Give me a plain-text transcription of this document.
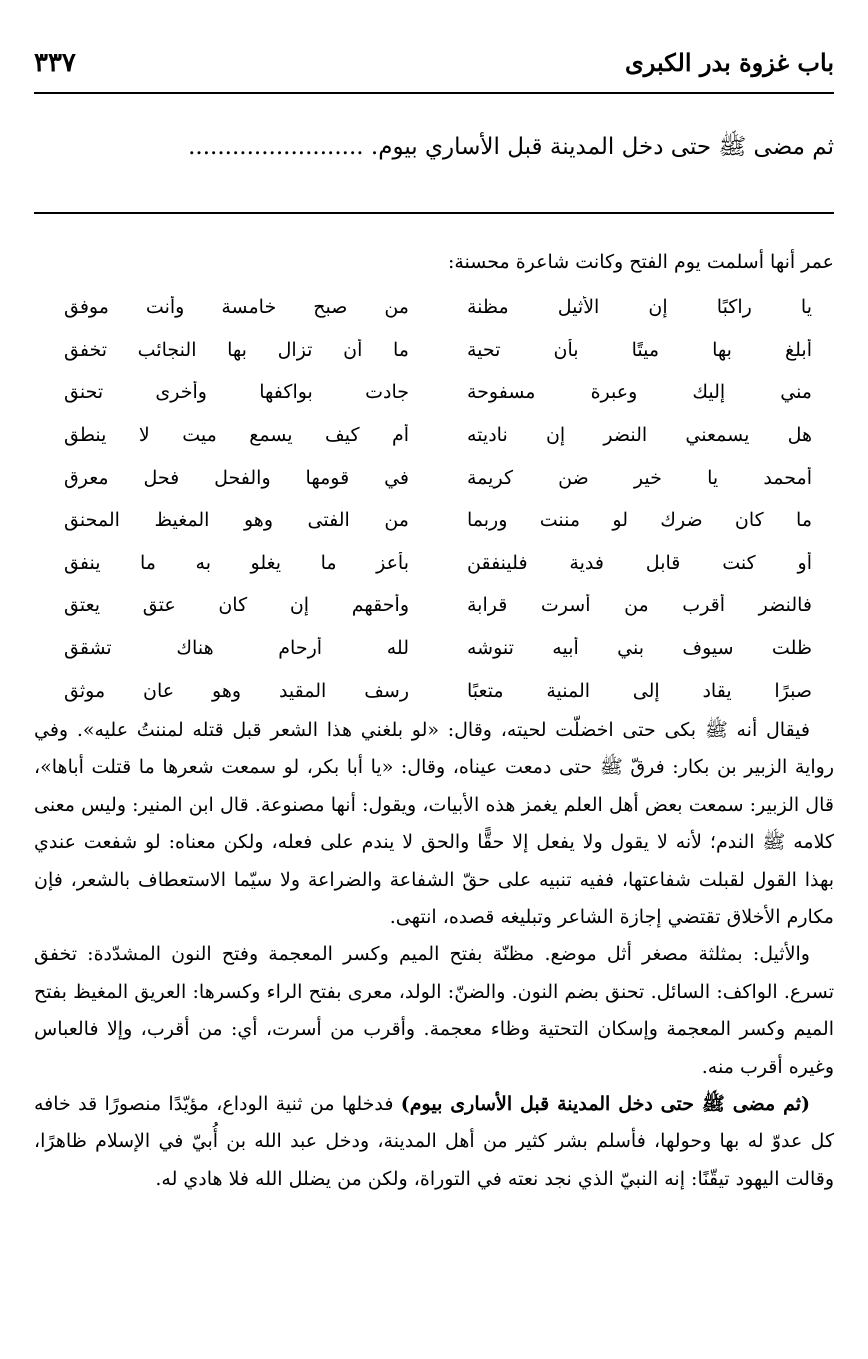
باب غزوة بدر الكبرى
٣٣٧
ثم مضى ﷺ حتى دخل المدينة قبل الأساري بيوم. ........................
عمر أنها أسلمت يوم الفتح وكانت شاعرة محسنة:
يا راكبًا إن الأثيل مظنة
من صبح خامسة وأنت موفق
أبلغ بها ميتًا بأن تحية
ما أن تزال بها النجائب تخفق
مني إليك وعبرة مسفوحة
جادت بواكفها وأخرى تحنق
هل يسمعني النضر إن ناديته
أم كيف يسمع ميت لا ينطق
أمحمد يا خير ضن كريمة
في قومها والفحل فحل معرق
ما كان ضرك لو مننت وربما
من الفتى وهو المغيظ المحنق
أو كنت قابل فدية فلينفقن
بأعز ما يغلو به ما ينفق
فالنضر أقرب من أسرت قرابة
وأحقهم إن كان عتق يعتق
ظلت سيوف بني أبيه تنوشه
لله أرحام هناك تشقق
صبرًا يقاد إلى المنية متعبًا
رسف المقيد وهو عان موثق

فيقال أنه ﷺ بكى حتى اخضلّت لحيته، وقال: «لو بلغني هذا الشعر قبل قتله لمننتُ عليه». وفي رواية الزبير بن بكار: فرقّ ﷺ حتى دمعت عيناه، وقال: «يا أبا بكر، لو سمعت شعرها ما قتلت أباها»، قال الزبير: سمعت بعض أهل العلم يغمز هذه الأبيات، ويقول: أنها مصنوعة. قال ابن المنير: وليس معنى كلامه ﷺ الندم؛ لأنه لا يقول ولا يفعل إلا حقًّا والحق لا يندم على فعله، ولكن معناه: لو شفعت عندي بهذا القول لقبلت شفاعتها، ففيه تنبيه على حقّ الشفاعة والضراعة ولا سيّما الاستعطاف بالشعر، فإن مكارم الأخلاق تقتضي إجازة الشاعر وتبليغه قصده، انتهى.

والأثيل: بمثلثة مصغر أثل موضع. مظنّة بفتح الميم وكسر المعجمة وفتح النون المشدّدة: تخفق تسرع. الواكف: السائل. تحنق بضم النون. والضنّ: الولد، معرى بفتح الراء وكسرها: العريق المغيظ بفتح الميم وكسر المعجمة وإسكان التحتية وظاء معجمة. وأقرب من أسرت، أي: من أقرب، وإلا فالعباس وغيره أقرب منه.

(ثم مضى ﷺ حتى دخل المدينة قبل الأسارى بيوم) فدخلها من ثنية الوداع، مؤيّدًا منصورًا قد خافه كل عدوّ له بها وحولها، فأسلم بشر كثير من أهل المدينة، ودخل عبد الله بن أُبيّ في الإسلام ظاهرًا، وقالت اليهود تيقّنًا: إنه النبيّ الذي نجد نعته في التوراة، ولكن من يضلل الله فلا هادي له.
